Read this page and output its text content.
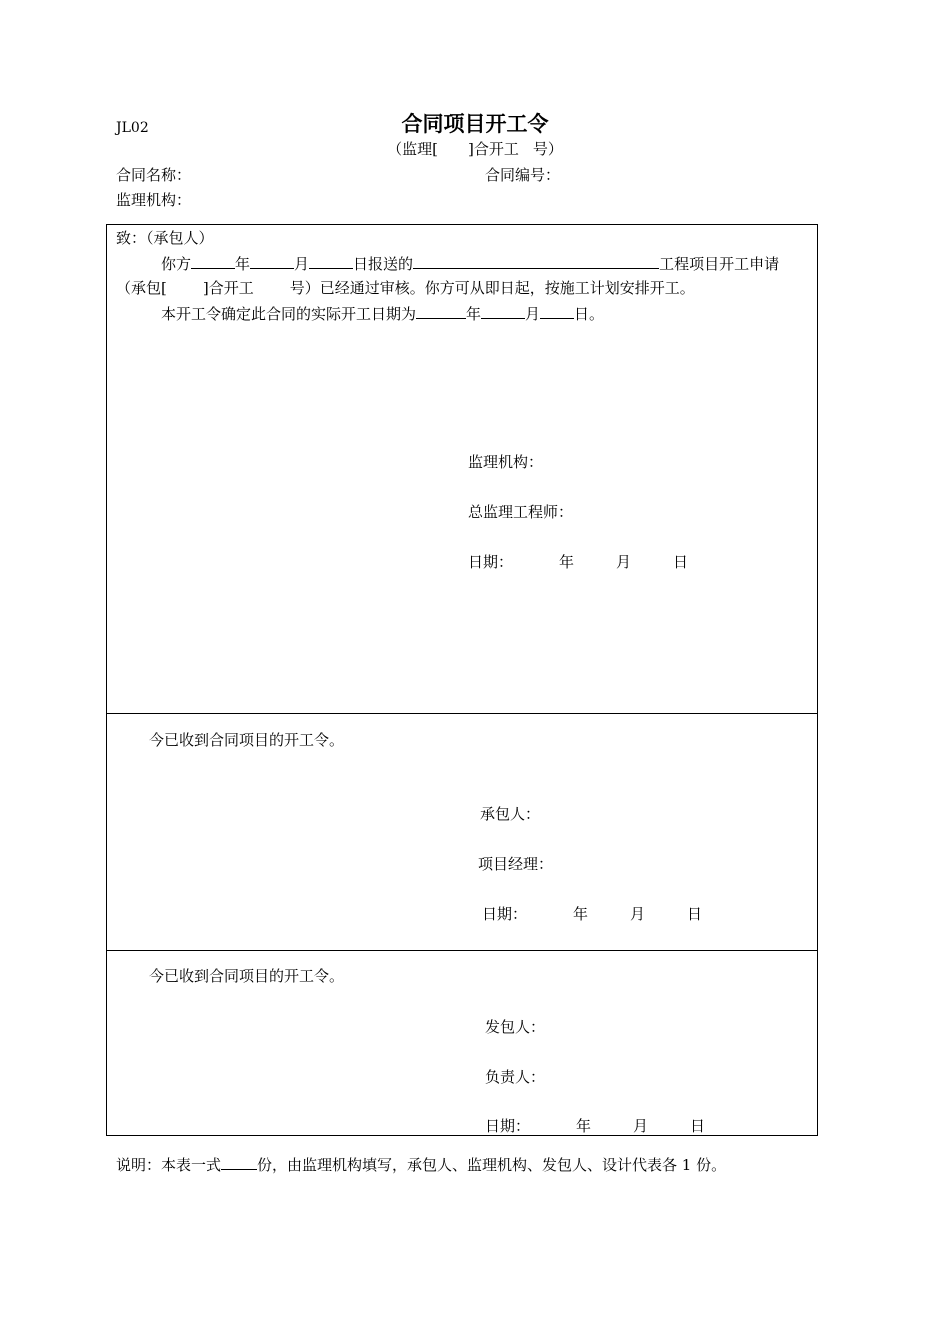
JL02	合同项目开工令
（监理[ ]合开工 号）
合同名称：	合同编号：
监理机构：
致：（承包人）
你方	年	月	日报送的	工程项目开工申请
（承包[ ]合开工 号）已经通过审核。你方可从即日起，按施工计划安排开工。
本开工令确定此合同的实际开工日期为	年	月 日。
监理机构：
总监理工程师：
日期：	年	月	日
今已收到合同项目的开工令。
承包人：
项目经理：
日期：	年	月	日
今已收到合同项目的开工令。
发包人：
负责人：
日期：	年	月	日
说明：本表一式 份，由监理机构填写，承包人、监理机构、发包人、设计代表各 1 份。
